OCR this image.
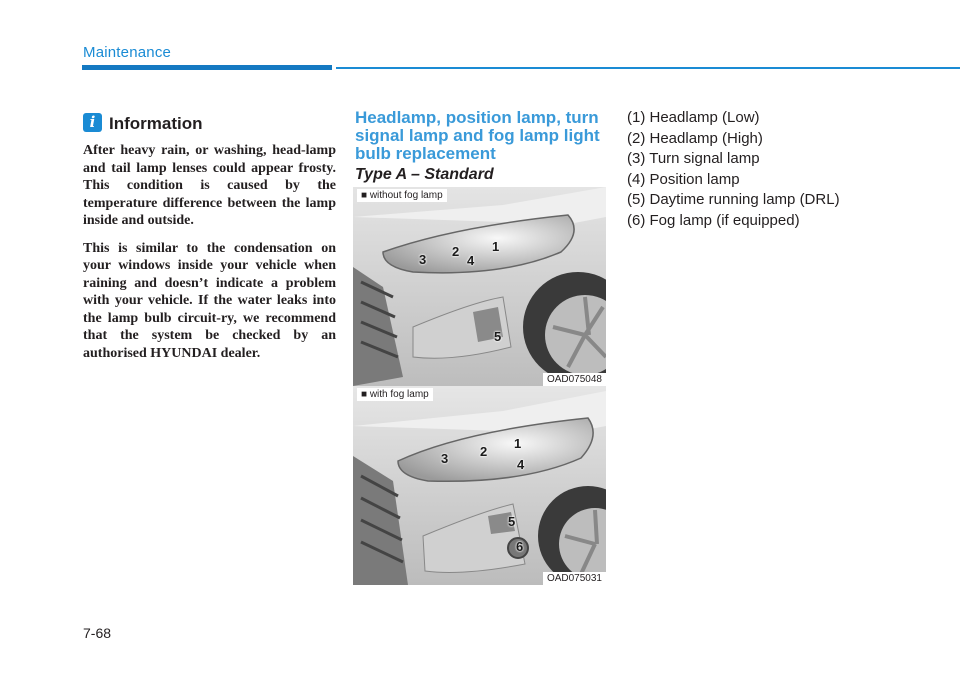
Maintenance
i Information

After heavy rain, or washing, head-lamp and tail lamp lenses could appear frosty. This condition is caused by the temperature difference between the lamp inside and outside.

This is similar to the condensation on your windows inside your vehicle when raining and doesn’t indicate a problem with your vehicle. If the water leaks into the lamp bulb circuit-ry, we recommend that the system be checked by an authorised HYUNDAI dealer.

Headlamp, position lamp, turn signal lamp and fog lamp light bulb replacement
Type A – Standard
1
2
3	4
5
■ without fog lamp
OAD075048
1
2
3	4
5
6
■ with fog lamp
OAD075031
(1) Headlamp (Low)
(2) Headlamp (High)
(3) Turn signal lamp
(4) Position lamp
(5) Daytime running lamp (DRL)
(6) Fog lamp (if equipped)
7-68
